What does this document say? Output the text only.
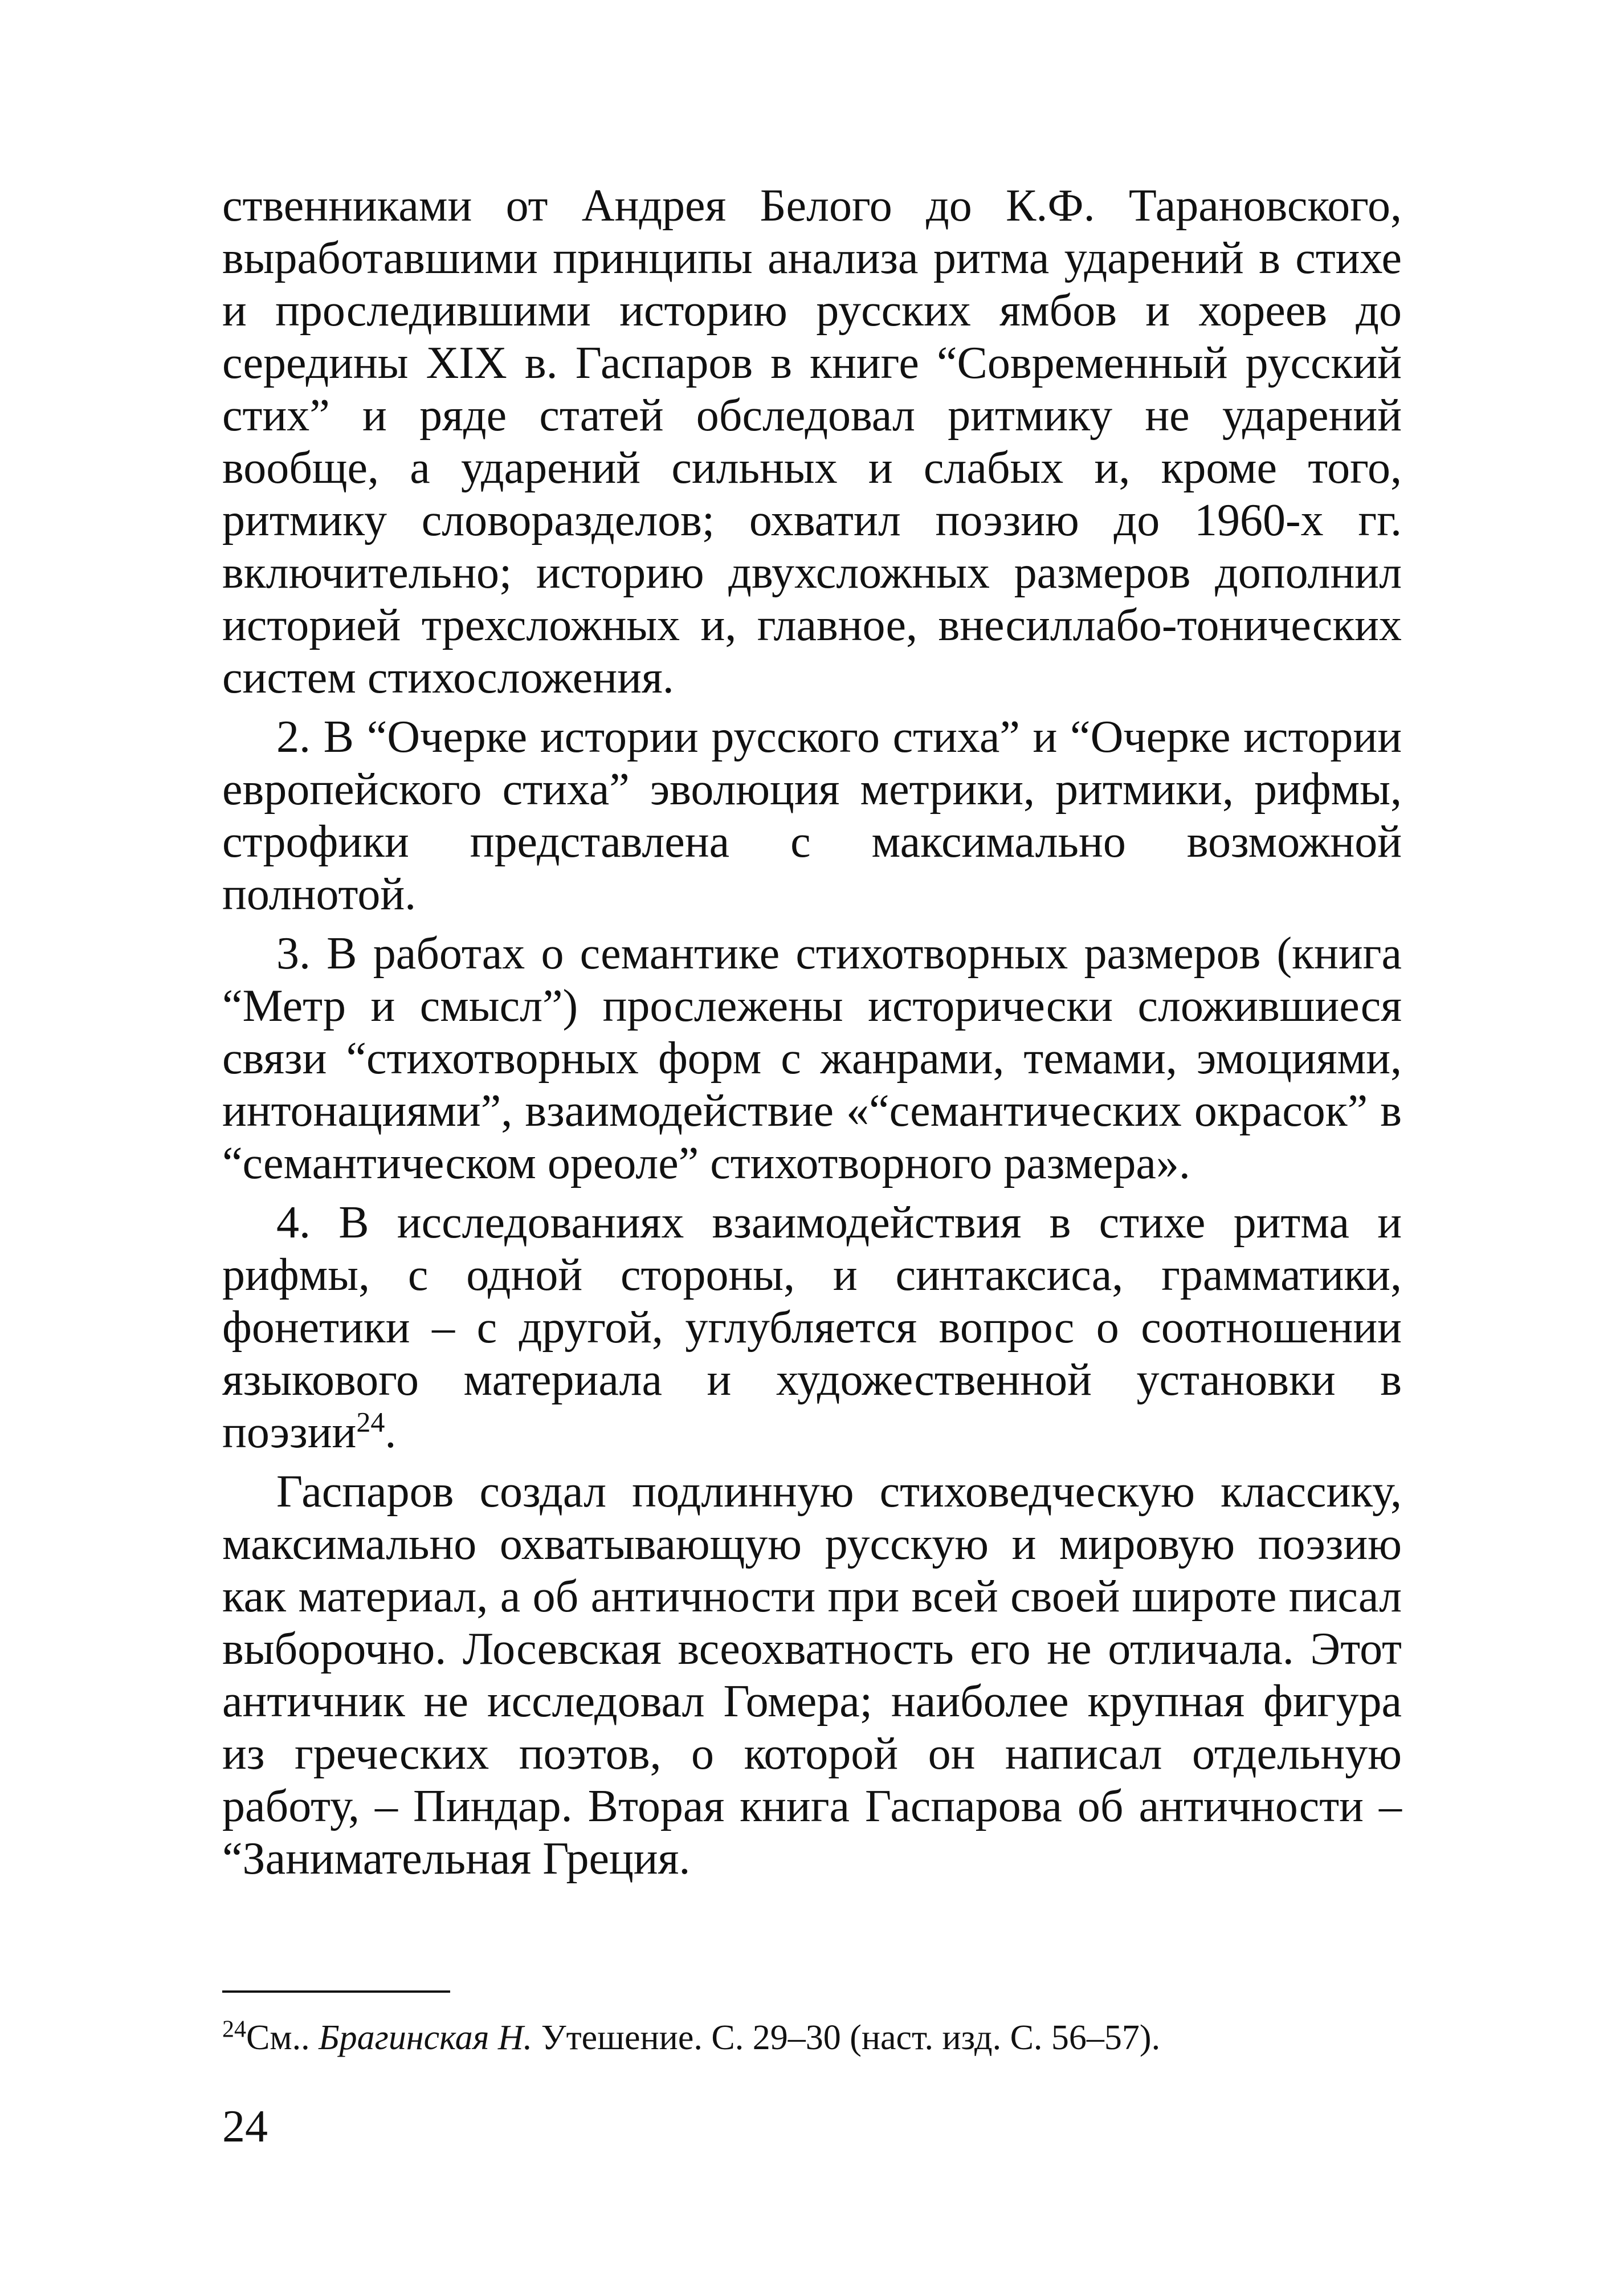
ственниками от Андрея Белого до К.Ф. Тарановского, выработавшими принципы анализа ритма ударений в стихе и проследившими историю русских ямбов и хореев до середины XIX в. Гаспаров в книге “Современный русский стих” и ряде статей обследовал ритмику не ударений вообще, а ударений сильных и слабых и, кроме того, ритмику словоразделов; охватил поэзию до 1960-х гг. включительно; историю двухсложных размеров дополнил историей трехсложных и, главное, внесиллабо-тонических систем стихосложения.

2. В “Очерке истории русского стиха” и “Очерке истории европейского стиха” эволюция метрики, ритмики, рифмы, строфики представлена с максимально возможной полнотой.

3. В работах о семантике стихотворных размеров (книга “Метр и смысл”) прослежены исторически сложившиеся связи “стихотворных форм с жанрами, темами, эмоциями, интонациями”, взаимодействие «“семантических окрасок” в “семантическом ореоле” стихотворного размера».

4. В исследованиях взаимодействия в стихе ритма и рифмы, с одной стороны, и синтаксиса, грамматики, фонетики – с другой, углубляется вопрос о соотношении языкового материала и художественной установки в поэзии$^{24}$.

Гаспаров создал подлинную стиховедческую классику, максимально охватывающую русскую и мировую поэзию как материал, а об античности при всей своей широте писал выборочно. Лосевская всеохватность его не отличала. Этот античник не исследовал Гомера; наиболее крупная фигура из греческих поэтов, о которой он написал отдельную работу, – Пиндар. Вторая книга Гаспарова об античности – “Занимательная Греция.

$^{24}$См.. Брагинская Н. Утешение. С. 29–30 (наст. изд. С. 56–57).
24
